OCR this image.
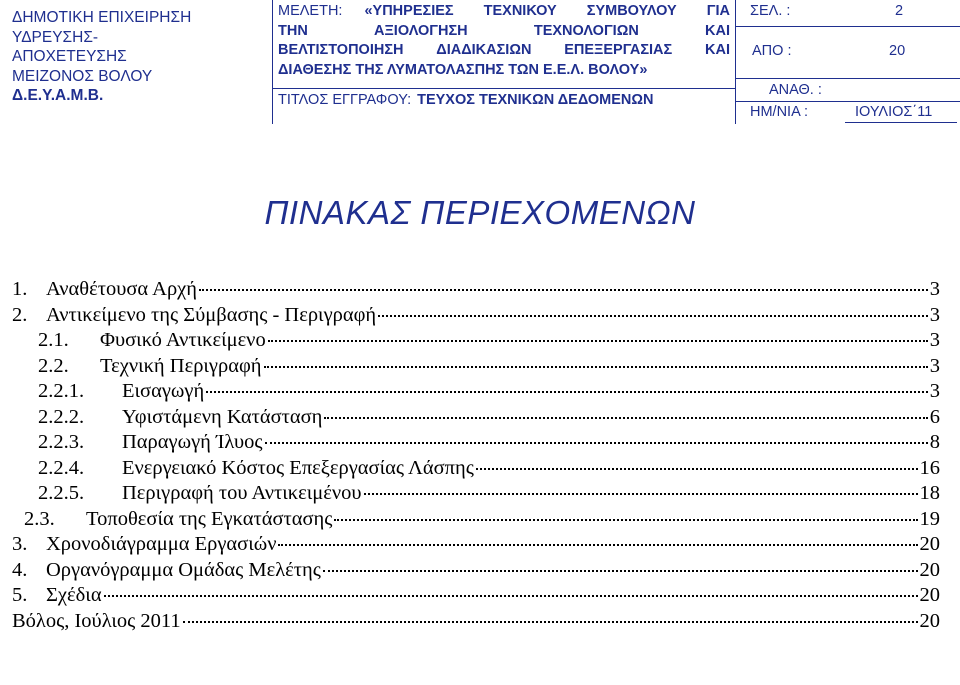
ΔΗΜΟΤΙΚΗ ΕΠΙΧΕΙΡΗΣΗ
ΥΔΡΕΥΣΗΣ-
ΑΠΟΧΕΤΕΥΣΗΣ
ΜΕΙΖΟΝΟΣ ΒΟΛΟΥ
Δ.Ε.Υ.Α.Μ.Β.
ΜΕΛΕΤΗ: «ΥΠΗΡΕΣΙΕΣ ΤΕΧΝΙΚΟΥ ΣΥΜΒΟΥΛΟΥ ΓΙΑ
ΤΗΝ	ΑΞΙΟΛΟΓΗΣΗ	ΤΕΧΝΟΛΟΓΙΩΝ	ΚΑΙ
ΒΕΛΤΙΣΤΟΠΟΙΗΣΗ ΔΙΑΔΙΚΑΣΙΩΝ ΕΠΕΞΕΡΓΑΣΙΑΣ ΚΑΙ
ΔΙΑΘΕΣΗΣ ΤΗΣ ΛΥΜΑΤΟΛΑΣΠΗΣ ΤΩΝ Ε.Ε.Λ. ΒΟΛΟΥ»
ΤΙΤΛΟΣ ΕΓΓΡΑΦΟΥ: ΤΕΥΧΟΣ ΤΕΧΝΙΚΩΝ ΔΕΔΟΜΕΝΩΝ
ΣΕΛ. :	2
ΑΠΟ :	20
ΑΝΑΘ. :
ΗΜ/ΝΙΑ :	ΙΟΥΛΙΟΣ΄11
ΠΙΝΑΚΑΣ ΠΕΡΙΕΧΟΜΕΝΩΝ
1. Αναθέτουσα Αρχή	3
2. Αντικείμενο της Σύμβασης - Περιγραφή	3
2.1.	Φυσικό Αντικείμενο	3
2.2.	Τεχνική Περιγραφή	3
2.2.1.	Εισαγωγή	3
2.2.2.	Υφιστάμενη Κατάσταση	6
2.2.3.	Παραγωγή Ίλυος	8
2.2.4.	Ενεργειακό Κόστος Επεξεργασίας Λάσπης	16
2.2.5.	Περιγραφή του Αντικειμένου	18
2.3.	Τοποθεσία της Εγκατάστασης	19
3. Χρονοδιάγραμμα Εργασιών	20
4. Οργανόγραμμα Ομάδας Μελέτης	20
5. Σχέδια	20
Βόλος, Ιούλιος 2011	20
